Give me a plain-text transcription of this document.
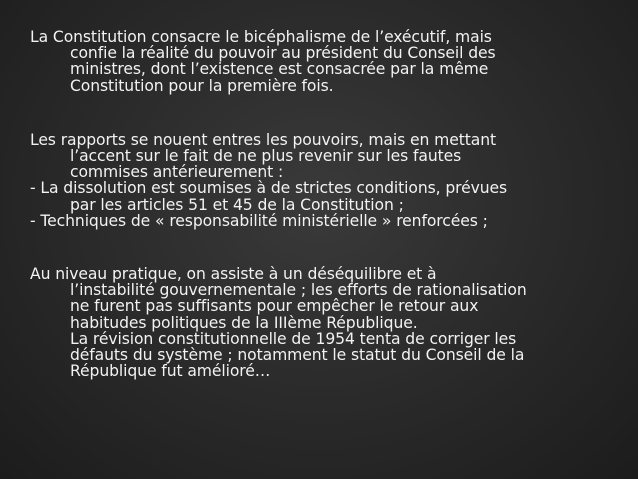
La Constitution consacre le bicéphalisme de l’exécutif, mais
confie la réalité du pouvoir au président du Conseil des
ministres, dont l’existence est consacrée par la même
Constitution pour la première fois.
Les rapports se nouent entres les pouvoirs, mais en mettant
l’accent sur le fait de ne plus revenir sur les fautes
commises antérieurement :
- La dissolution est soumises à de strictes conditions, prévues
par les articles 51 et 45 de la Constitution ;
- Techniques de « responsabilité ministérielle » renforcées ;
Au niveau pratique, on assiste à un déséquilibre et à
l’instabilité gouvernementale ; les efforts de rationalisation
ne furent pas suffisants pour empêcher le retour aux
habitudes politiques de la IIIème République.
La révision constitutionnelle de 1954 tenta de corriger les
défauts du système ; notamment le statut du Conseil de la
République fut amélioré…
